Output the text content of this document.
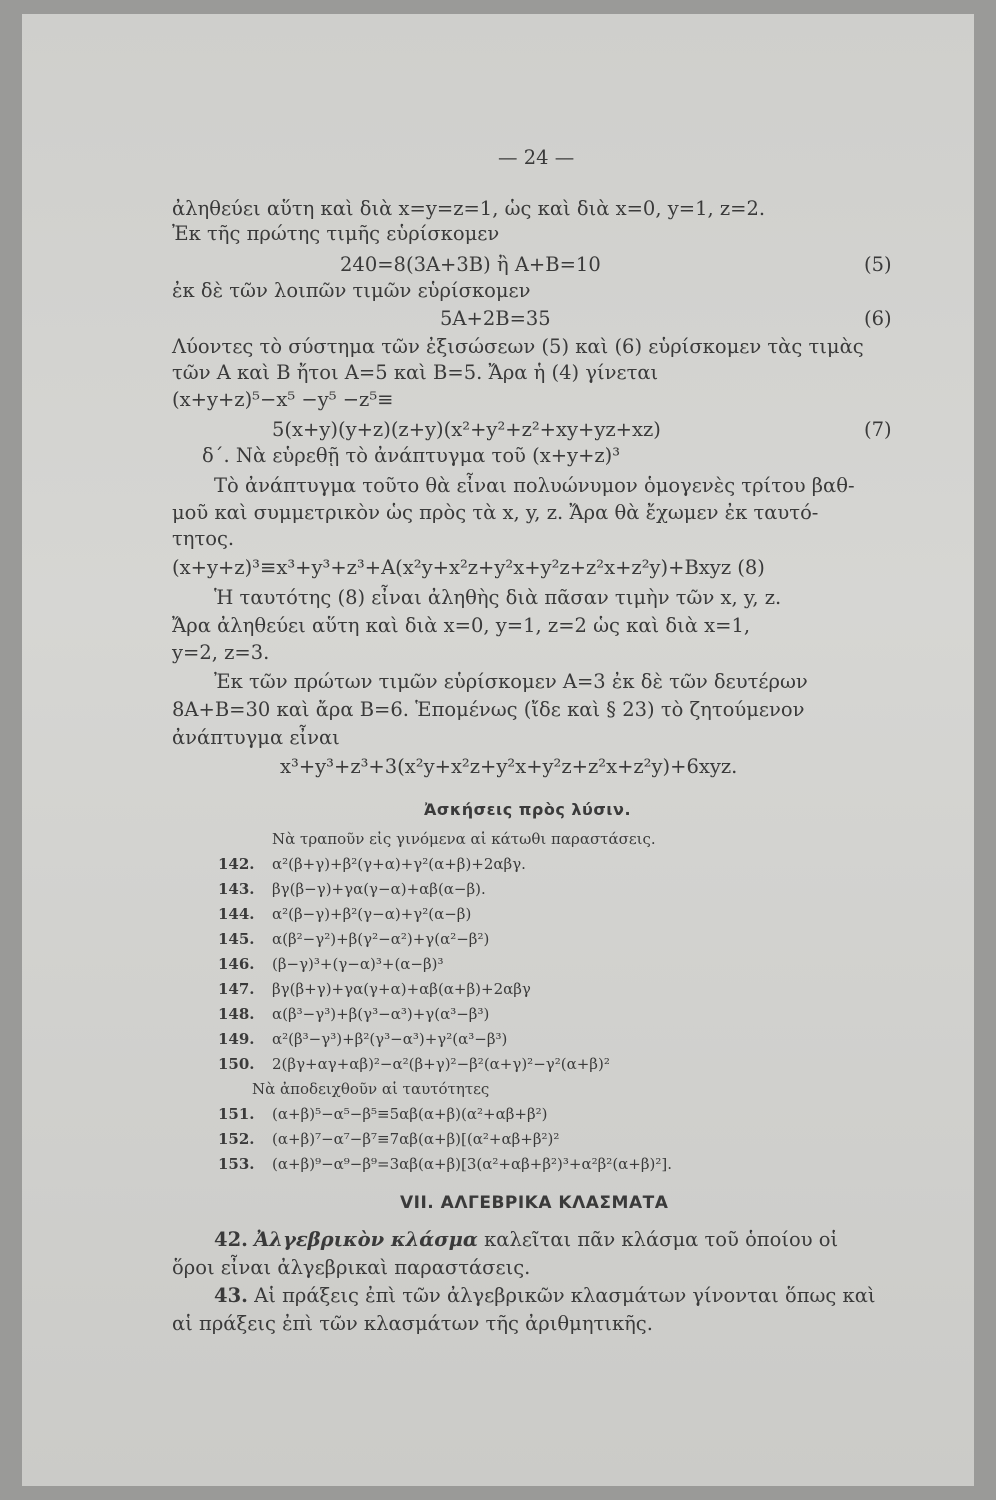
— 24 —
ἀληθεύει αὕτη καὶ διὰ x=y=z=1, ὡς καὶ διὰ x=0, y=1, z=2.
Ἐκ τῆς πρώτης τιμῆς εὑρίσκομεν
240=8(3A+3B) ἢ A+B=10	(5)
ἐκ δὲ τῶν λοιπῶν τιμῶν εὑρίσκομεν
5A+2B=35	(6)
Λύοντες τὸ σύστημα τῶν ἐξισώσεων (5) καὶ (6) εὑρίσκομεν τὰς τιμὰς
τῶν A καὶ B ἤτοι A=5 καὶ B=5. Ἄρα ἡ (4) γίνεται
(x+y+z)⁵−x⁵ −y⁵ −z⁵≡
5(x+y)(y+z)(z+y)(x²+y²+z²+xy+yz+xz)	(7)
δ΄. Νὰ εὑρεθῇ τὸ ἀνάπτυγμα τοῦ (x+y+z)³
Τὸ ἀνάπτυγμα τοῦτο θὰ εἶναι πολυώνυμον ὁμογενὲς τρίτου βαθ-
μοῦ καὶ συμμετρικὸν ὡς πρὸς τὰ x, y, z. Ἄρα θὰ ἔχωμεν ἐκ ταυτό-
τητος.
(x+y+z)³≡x³+y³+z³+A(x²y+x²z+y²x+y²z+z²x+z²y)+Bxyz (8)
Ἡ ταυτότης (8) εἶναι ἀληθὴς διὰ πᾶσαν τιμὴν τῶν x, y, z.
Ἄρα ἀληθεύει αὕτη καὶ διὰ x=0, y=1, z=2 ὡς καὶ διὰ x=1,
y=2, z=3.
Ἐκ τῶν πρώτων τιμῶν εὑρίσκομεν A=3 ἐκ δὲ τῶν δευτέρων
8A+B=30 καὶ ἄρα B=6. Ἑπομένως (ἴδε καὶ § 23) τὸ ζητούμενον
ἀνάπτυγμα εἶναι
x³+y³+z³+3(x²y+x²z+y²x+y²z+z²x+z²y)+6xyz.
Ἀσκήσεις πρὸς λύσιν.
Νὰ τραποῦν εἰς γινόμενα αἱ κάτωθι παραστάσεις.
142. α²(β+γ)+β²(γ+α)+γ²(α+β)+2αβγ.
143. βγ(β−γ)+γα(γ−α)+αβ(α−β).
144. α²(β−γ)+β²(γ−α)+γ²(α−β)
145. α(β²−γ²)+β(γ²−α²)+γ(α²−β²)
146. (β−γ)³+(γ−α)³+(α−β)³
147. βγ(β+γ)+γα(γ+α)+αβ(α+β)+2αβγ
148. α(β³−γ³)+β(γ³−α³)+γ(α³−β³)
149. α²(β³−γ³)+β²(γ³−α³)+γ²(α³−β³)
150. 2(βγ+αγ+αβ)²−α²(β+γ)²−β²(α+γ)²−γ²(α+β)²
Νὰ ἀποδειχθοῦν αἱ ταυτότητες
151. (α+β)⁵−α⁵−β⁵≡5αβ(α+β)(α²+αβ+β²)
152. (α+β)⁷−α⁷−β⁷≡7αβ(α+β)[(α²+αβ+β²)²
153. (α+β)⁹−α⁹−β⁹=3αβ(α+β)[3(α²+αβ+β²)³+α²β²(α+β)²].
VII. ΑΛΓΕΒΡΙΚΑ ΚΛΑΣΜΑΤΑ
42. Ἀλγεβρικὸν κλάσμα καλεῖται πᾶν κλάσμα τοῦ ὁποίου οἱ
ὅροι εἶναι ἀλγεβρικαὶ παραστάσεις.
43. Αἱ πράξεις ἐπὶ τῶν ἀλγεβρικῶν κλασμάτων γίνονται ὅπως καὶ
αἱ πράξεις ἐπὶ τῶν κλασμάτων τῆς ἀριθμητικῆς.
